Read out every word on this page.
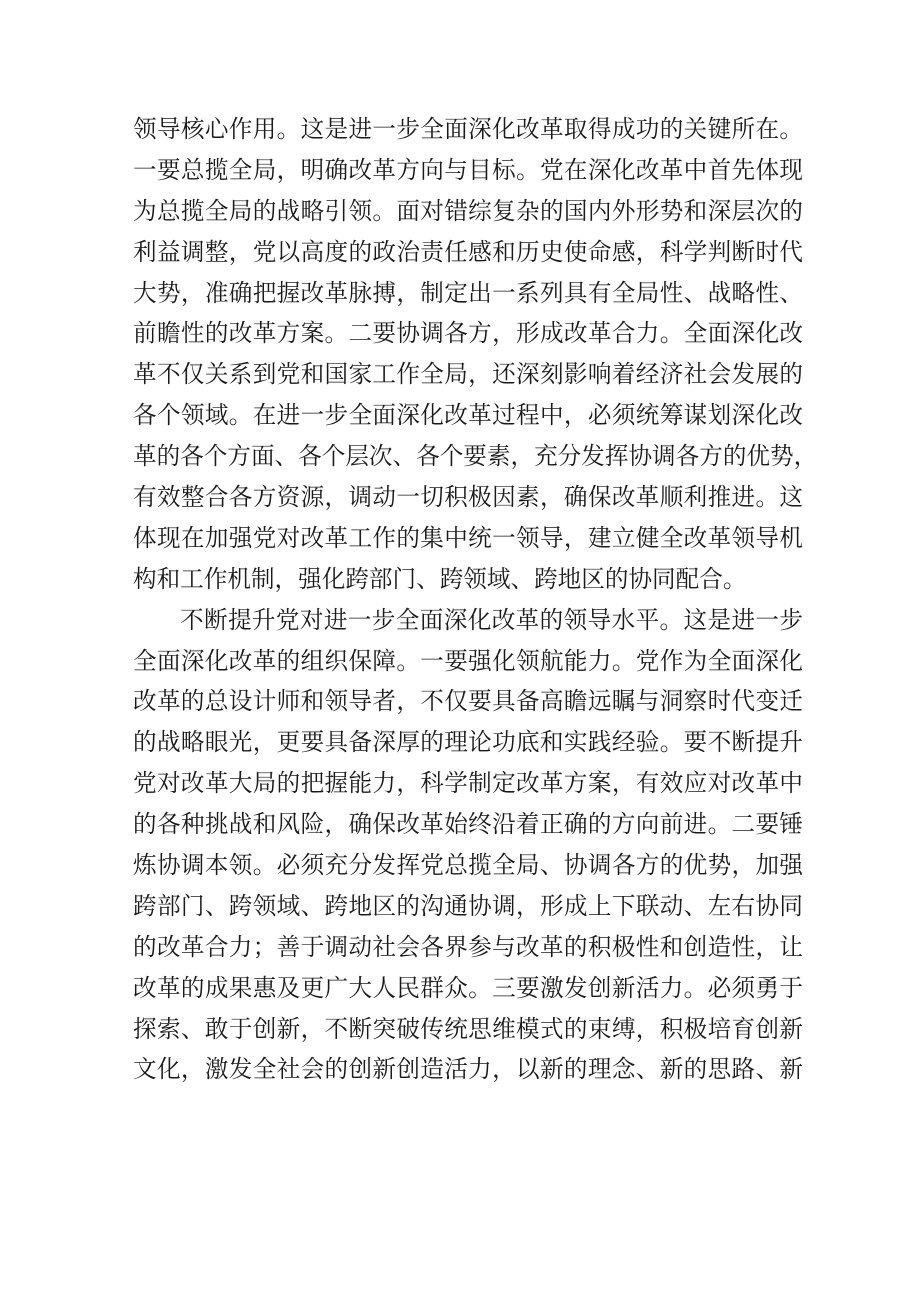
领导核心作用。这是进一步全面深化改革取得成功的关键所在。
一要总揽全局，明确改革方向与目标。党在深化改革中首先体现
为总揽全局的战略引领。面对错综复杂的国内外形势和深层次的
利益调整，党以高度的政治责任感和历史使命感，科学判断时代
大势，准确把握改革脉搏，制定出一系列具有全局性、战略性、
前瞻性的改革方案。二要协调各方，形成改革合力。全面深化改
革不仅关系到党和国家工作全局，还深刻影响着经济社会发展的
各个领域。在进一步全面深化改革过程中，必须统筹谋划深化改
革的各个方面、各个层次、各个要素，充分发挥协调各方的优势，
有效整合各方资源，调动一切积极因素，确保改革顺利推进。这
体现在加强党对改革工作的集中统一领导，建立健全改革领导机
构和工作机制，强化跨部门、跨领域、跨地区的协同配合。
不断提升党对进一步全面深化改革的领导水平。这是进一步
全面深化改革的组织保障。一要强化领航能力。党作为全面深化
改革的总设计师和领导者，不仅要具备高瞻远瞩与洞察时代变迁
的战略眼光，更要具备深厚的理论功底和实践经验。要不断提升
党对改革大局的把握能力，科学制定改革方案，有效应对改革中
的各种挑战和风险，确保改革始终沿着正确的方向前进。二要锤
炼协调本领。必须充分发挥党总揽全局、协调各方的优势，加强
跨部门、跨领域、跨地区的沟通协调，形成上下联动、左右协同
的改革合力；善于调动社会各界参与改革的积极性和创造性，让
改革的成果惠及更广大人民群众。三要激发创新活力。必须勇于
探索、敢于创新，不断突破传统思维模式的束缚，积极培育创新
文化，激发全社会的创新创造活力，以新的理念、新的思路、新
